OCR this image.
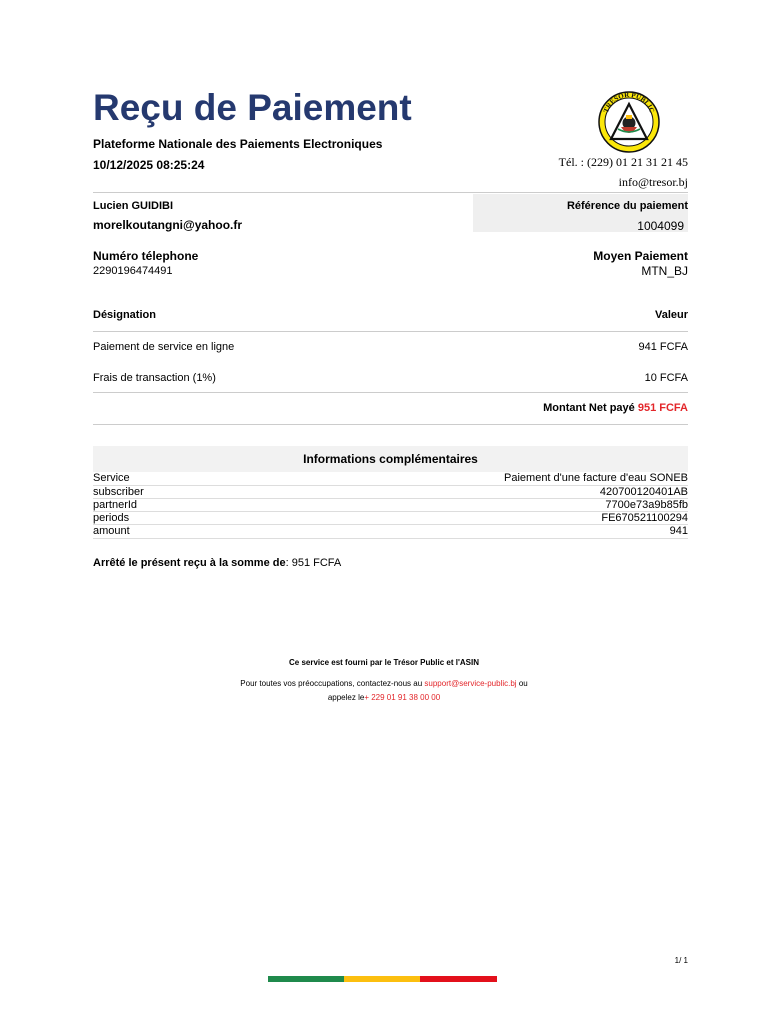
Reçu de Paiement
Plateforme Nationale des Paiements Electroniques
10/12/2025 08:25:24
TRESOR PUBLIC
Tél. : (229) 01 21 31 21 45
info@tresor.bj
Lucien GUIDIBI
morelkoutangni@yahoo.fr
Référence du paiement
1004099
Numéro télephone
2290196474491
Moyen Paiement
MTN_BJ
Désignation	Valeur
Paiement de service en ligne	941 FCFA
Frais de transaction (1%)	10 FCFA
Montant Net payé 951 FCFA
Informations complémentaires
Service	Paiement d'une facture d'eau SONEB
subscriber	420700120401AB
partnerId	7700e73a9b85fb
periods	FE670521100294
amount	941
Arrêté le présent reçu à la somme de: 951 FCFA
Ce service est fourni par le Trésor Public et l'ASIN
Pour toutes vos préoccupations, contactez-nous au support@service-public.bj ou
appelez le+ 229 01 91 38 00 00
1/ 1
